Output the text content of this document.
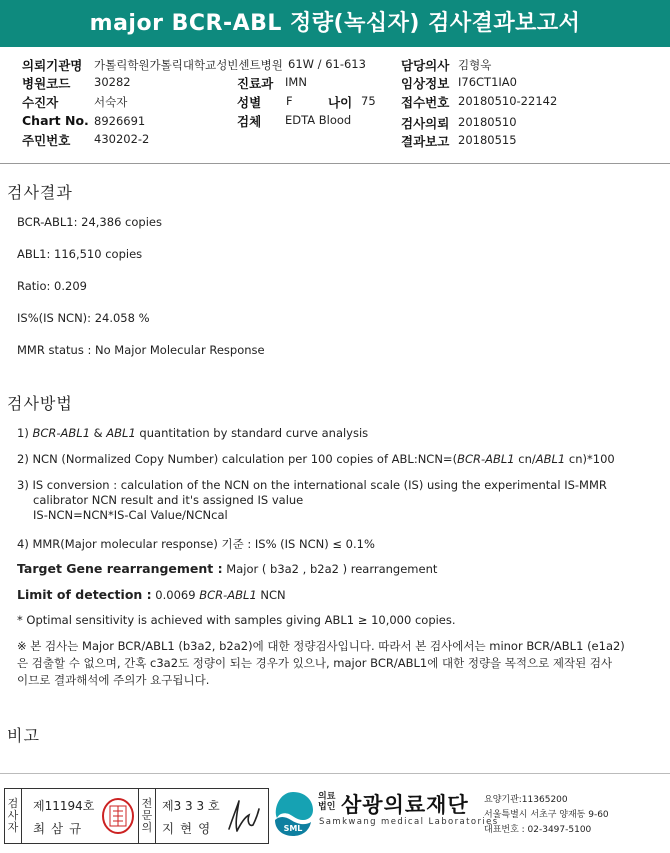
major BCR-ABL 정량(녹십자) 검사결과보고서
의뢰기관명 가톨릭학원가톨릭대학교성빈센트병원 61W / 61-613	담당의사 김형욱
병원코드 30282	진료과 IMN	임상정보 I76CT1IA0
수진자	서숙자	성별 F	나이 75 접수번호 20180510-22142
Chart No. 8926691	검체 EDTA Blood	검사의뢰 20180510
주민번호 430202-2	결과보고 20180515
검사결과
BCR-ABL1: 24,386 copies
ABL1: 116,510 copies
Ratio: 0.209
IS%(IS NCN): 24.058 %
MMR status : No Major Molecular Response
검사방법
1) BCR-ABL1 & ABL1 quantitation by standard curve analysis
2) NCN (Normalized Copy Number) calculation per 100 copies of ABL:NCN=(BCR-ABL1 cn/ABL1 cn)*100
3) IS conversion : calculation of the NCN on the international scale (IS) using the experimental IS-MMR
calibrator NCN result and it's assigned IS value
IS-NCN=NCN*IS-Cal Value/NCNcal
4) MMR(Major molecular response) 기준 : IS% (IS NCN) ≤ 0.1%
Target Gene rearrangement : Major ( b3a2 , b2a2 ) rearrangement
Limit of detection : 0.0069 BCR-ABL1 NCN
* Optimal sensitivity is achieved with samples giving ABL1 ≥ 10,000 copies.
※ 본 검사는 Major BCR/ABL1 (b3a2, b2a2)에 대한 정량검사입니다. 따라서 본 검사에서는 minor BCR/ABL1 (e1a2)
은 검출할 수 없으며, 간혹 c3a2도 정량이 되는 경우가 있으나, major BCR/ABL1에 대한 정량을 목적으로 제작된 검사
이므로 결과해석에 주의가 요구됩니다.
비고
검
사
자
제11194호
최 삼 규
전
문
의
제3 3 3 호
지 현 영	SML
의료
법인 삼광의료재단
Samkwang medical Laboratories
요양기관:11365200
서울특별시 서초구 양재동 9-60
대표번호 : 02-3497-5100
